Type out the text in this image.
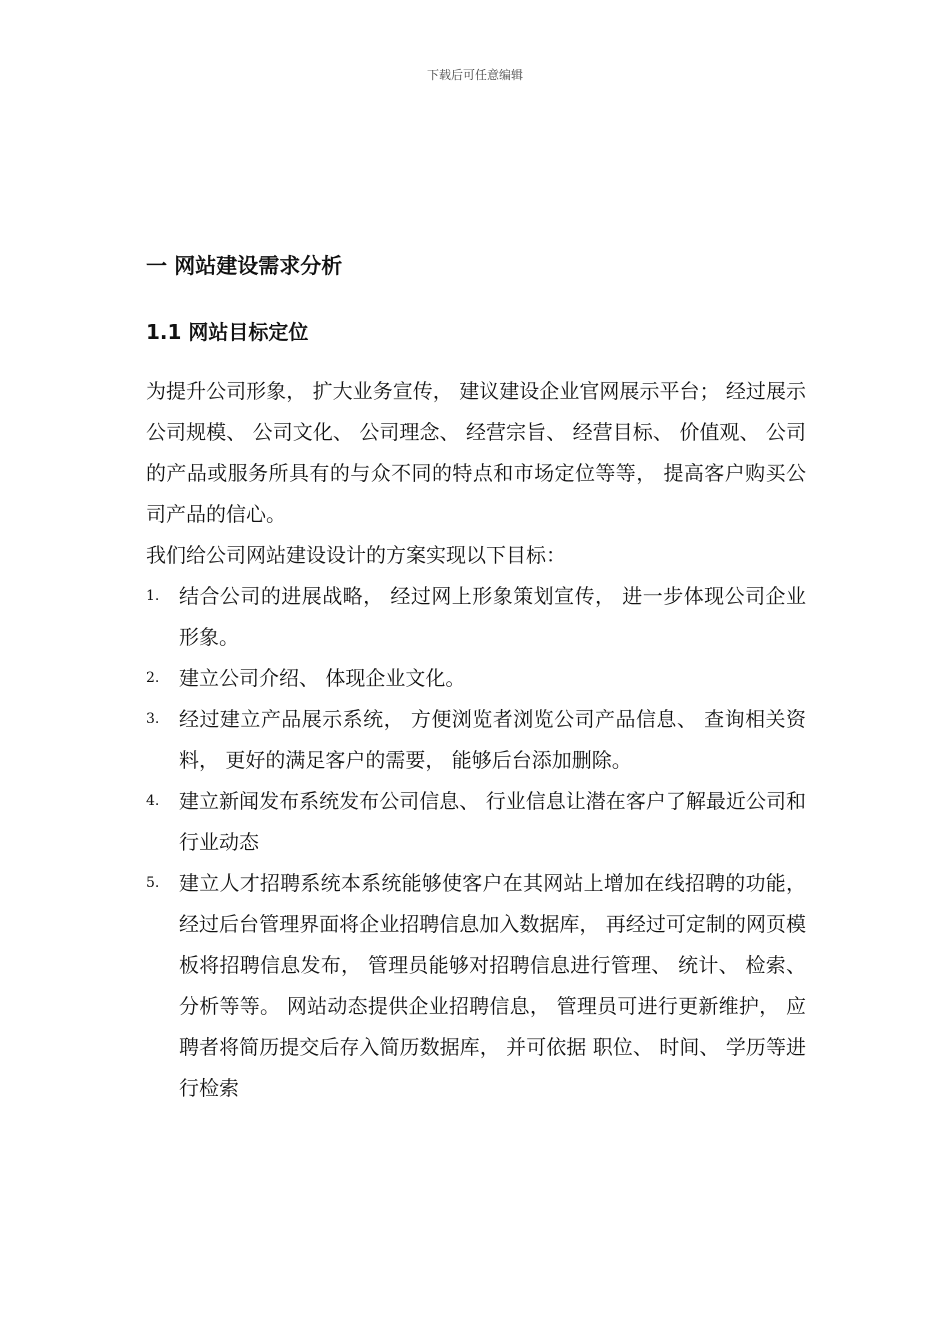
下载后可任意编辑
一 网站建设需求分析
1.1 网站目标定位

为提升公司形象， 扩大业务宣传， 建议建设企业官网展示平台； 经过展示公司规模、 公司文化、 公司理念、 经营宗旨、 经营目标、 价值观、 公司的产品或服务所具有的与众不同的特点和市场定位等等， 提高客户购买公司产品的信心。

我们给公司网站建设设计的方案实现以下目标：

1. 结合公司的进展战略， 经过网上形象策划宣传， 进一步体现公司企业形象。
2. 建立公司介绍、 体现企业文化。
3. 经过建立产品展示系统， 方便浏览者浏览公司产品信息、 查询相关资料， 更好的满足客户的需要， 能够后台添加删除。
4. 建立新闻发布系统发布公司信息、 行业信息让潜在客户了解最近公司和行业动态
5. 建立人才招聘系统本系统能够使客户在其网站上增加在线招聘的功能， 经过后台管理界面将企业招聘信息加入数据库， 再经过可定制的网页模板将招聘信息发布， 管理员能够对招聘信息进行管理、 统计、 检索、 分析等等。 网站动态提供企业招聘信息， 管理员可进行更新维护， 应聘者将简历提交后存入简历数据库， 并可依据 职位、 时间、 学历等进行检索
